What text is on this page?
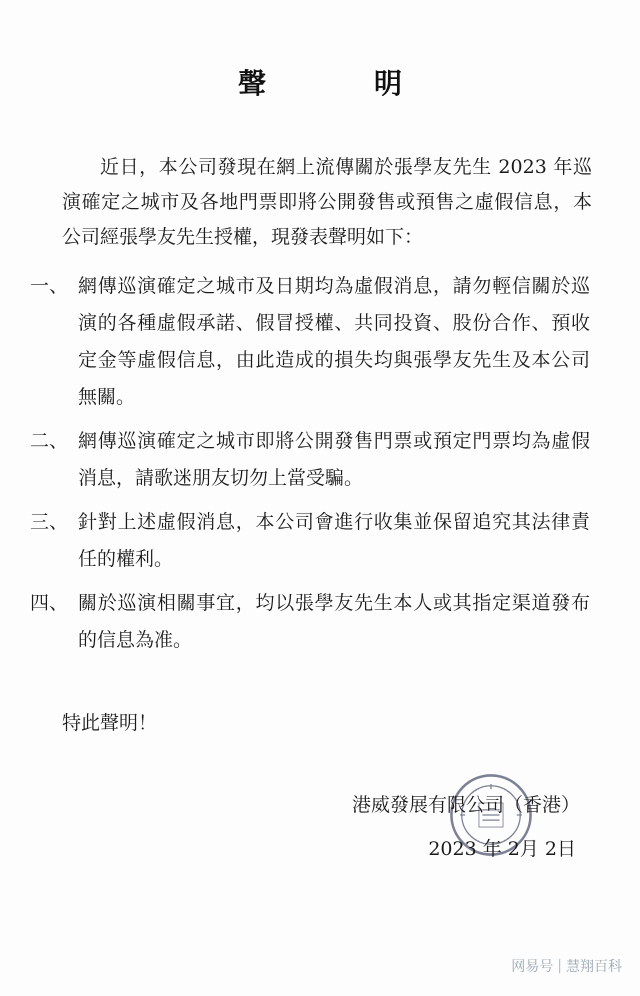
聲　明
近日，本公司發現在網上流傳關於張學友先生 2023 年巡演確定之城市及各地門票即將公開發售或預售之虛假信息，本公司經張學友先生授權，現發表聲明如下：
一、 網傳巡演確定之城市及日期均為虛假消息，請勿輕信關於巡演的各種虛假承諾、假冒授權、共同投資、股份合作、預收定金等虛假信息，由此造成的損失均與張學友先生及本公司無關。
二、 網傳巡演確定之城市即將公開發售門票或預定門票均為虛假消息，請歌迷朋友切勿上當受騙。
三、 針對上述虛假消息，本公司會進行收集並保留追究其法律責任的權利。
四、 關於巡演相關事宜，均以張學友先生本人或其指定渠道發布的信息為准。
特此聲明！
港威發展有限公司（香港）
2023 年 2月 2日
网易号 | 慧翔百科
